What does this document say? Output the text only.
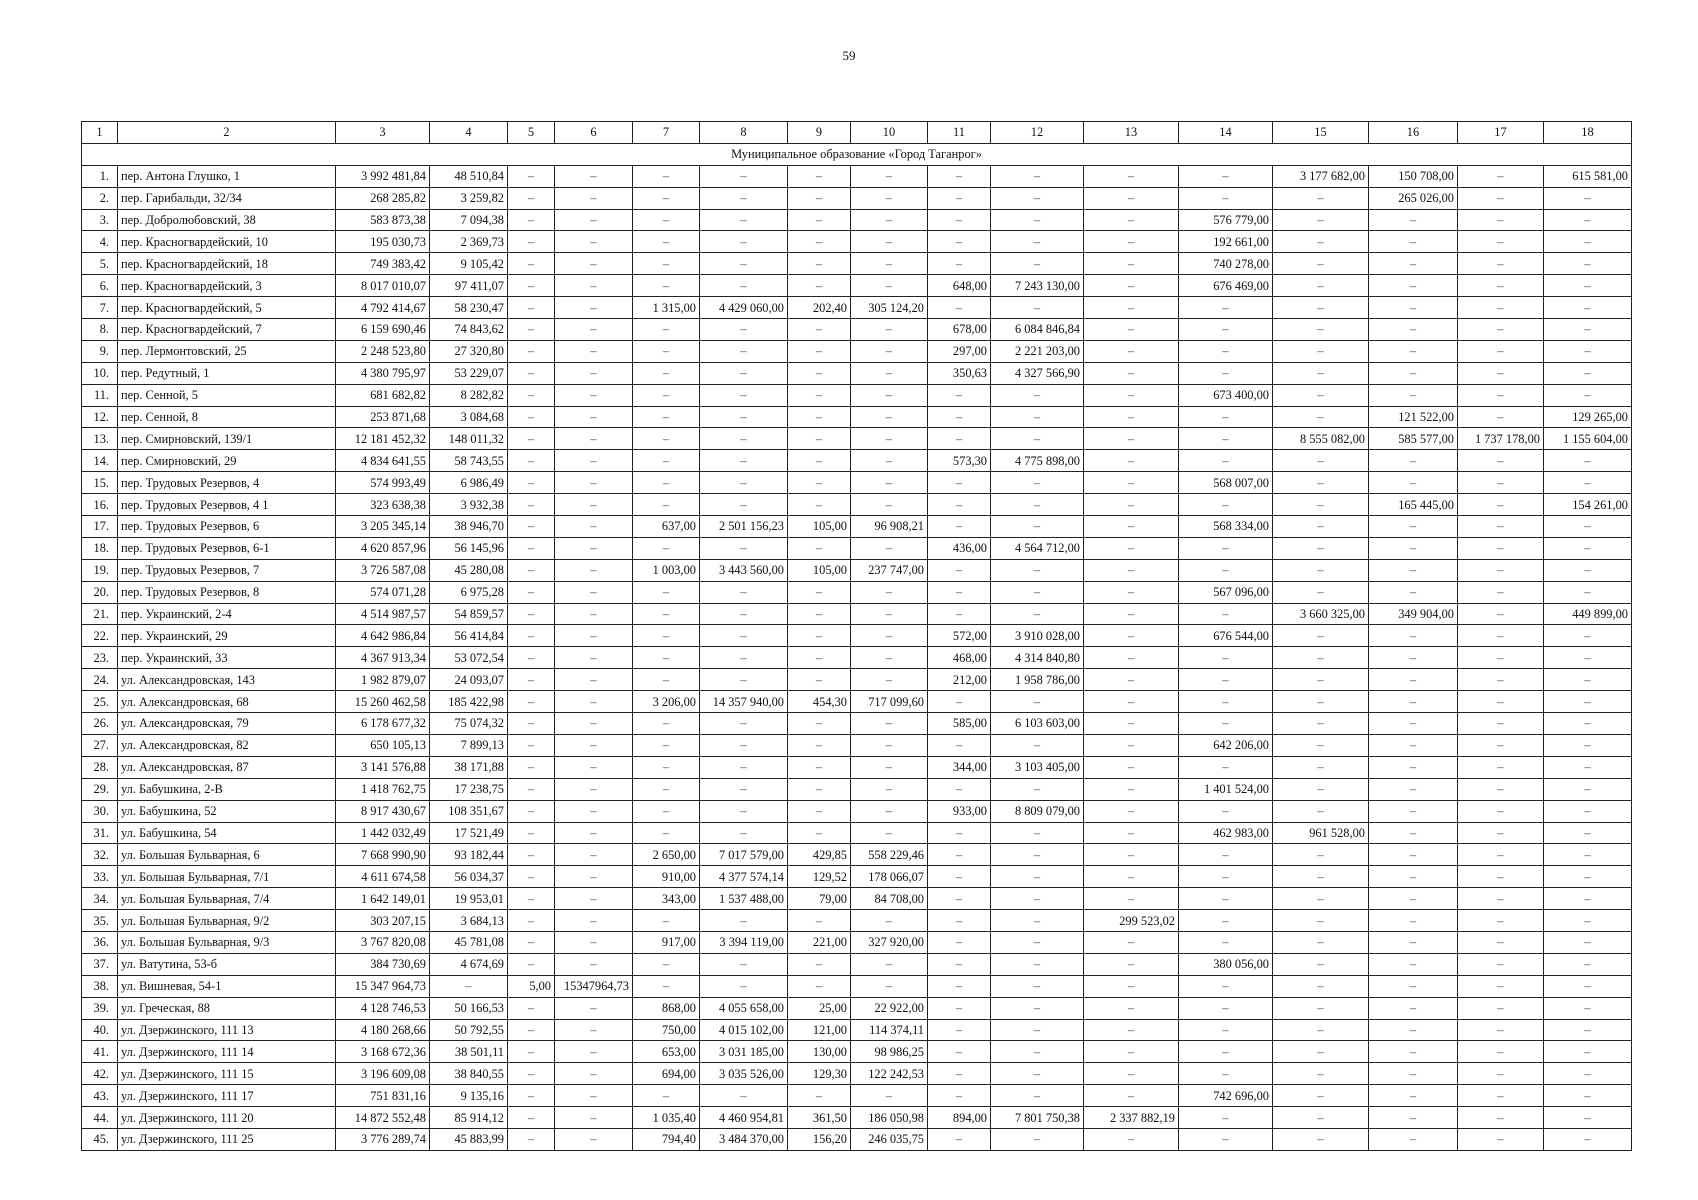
59
1	2	3	4	5	6	7	8	9	10	11	12	13	14	15	16	17	18
Муниципальное образование «Город Таганрог»																	
1.	пер. Антона Глушко, 1	3 992 481,84	48 510,84	–	–	–	–	–	–	–	–	–	–	3 177 682,00	150 708,00	–	615 581,00
2.	пер. Гарибальди, 32/34	268 285,82	3 259,82	–	–	–	–	–	–	–	–	–	–	–	265 026,00	–	–
3.	пер. Добролюбовский, 38	583 873,38	7 094,38	–	–	–	–	–	–	–	–	–	576 779,00	–	–	–	–
4.	пер. Красногвардейский, 10	195 030,73	2 369,73	–	–	–	–	–	–	–	–	–	192 661,00	–	–	–	–
5.	пер. Красногвардейский, 18	749 383,42	9 105,42	–	–	–	–	–	–	–	–	–	740 278,00	–	–	–	–
6.	пер. Красногвардейский, 3	8 017 010,07	97 411,07	–	–	–	–	–	–	648,00	7 243 130,00	–	676 469,00	–	–	–	–
7.	пер. Красногвардейский, 5	4 792 414,67	58 230,47	–	–	1 315,00	4 429 060,00	202,40	305 124,20	–	–	–	–	–	–	–	–
8.	пер. Красногвардейский, 7	6 159 690,46	74 843,62	–	–	–	–	–	–	678,00	6 084 846,84	–	–	–	–	–	–
9.	пер. Лермонтовский, 25	2 248 523,80	27 320,80	–	–	–	–	–	–	297,00	2 221 203,00	–	–	–	–	–	–
10.	пер. Редутный, 1	4 380 795,97	53 229,07	–	–	–	–	–	–	350,63	4 327 566,90	–	–	–	–	–	–
11.	пер. Сенной, 5	681 682,82	8 282,82	–	–	–	–	–	–	–	–	–	673 400,00	–	–	–	–
12.	пер. Сенной, 8	253 871,68	3 084,68	–	–	–	–	–	–	–	–	–	–	–	121 522,00	–	129 265,00
13.	пер. Смирновский, 139/1	12 181 452,32	148 011,32	–	–	–	–	–	–	–	–	–	–	8 555 082,00	585 577,00	1 737 178,00	1 155 604,00
14.	пер. Смирновский, 29	4 834 641,55	58 743,55	–	–	–	–	–	–	573,30	4 775 898,00	–	–	–	–	–	–
15.	пер. Трудовых Резервов, 4	574 993,49	6 986,49	–	–	–	–	–	–	–	–	–	568 007,00	–	–	–	–
16.	пер. Трудовых Резервов, 4 1	323 638,38	3 932,38	–	–	–	–	–	–	–	–	–	–	–	165 445,00	–	154 261,00
17.	пер. Трудовых Резервов, 6	3 205 345,14	38 946,70	–	–	637,00	2 501 156,23	105,00	96 908,21	–	–	–	568 334,00	–	–	–	–
18.	пер. Трудовых Резервов, 6-1	4 620 857,96	56 145,96	–	–	–	–	–	–	436,00	4 564 712,00	–	–	–	–	–	–
19.	пер. Трудовых Резервов, 7	3 726 587,08	45 280,08	–	–	1 003,00	3 443 560,00	105,00	237 747,00	–	–	–	–	–	–	–	–
20.	пер. Трудовых Резервов, 8	574 071,28	6 975,28	–	–	–	–	–	–	–	–	–	567 096,00	–	–	–	–
21.	пер. Украинский, 2-4	4 514 987,57	54 859,57	–	–	–	–	–	–	–	–	–	–	3 660 325,00	349 904,00	–	449 899,00
22.	пер. Украинский, 29	4 642 986,84	56 414,84	–	–	–	–	–	–	572,00	3 910 028,00	–	676 544,00	–	–	–	–
23.	пер. Украинский, 33	4 367 913,34	53 072,54	–	–	–	–	–	–	468,00	4 314 840,80	–	–	–	–	–	–
24.	ул. Александровская, 143	1 982 879,07	24 093,07	–	–	–	–	–	–	212,00	1 958 786,00	–	–	–	–	–	–
25.	ул. Александровская, 68	15 260 462,58	185 422,98	–	–	3 206,00	14 357 940,00	454,30	717 099,60	–	–	–	–	–	–	–	–
26.	ул. Александровская, 79	6 178 677,32	75 074,32	–	–	–	–	–	–	585,00	6 103 603,00	–	–	–	–	–	–
27.	ул. Александровская, 82	650 105,13	7 899,13	–	–	–	–	–	–	–	–	–	642 206,00	–	–	–	–
28.	ул. Александровская, 87	3 141 576,88	38 171,88	–	–	–	–	–	–	344,00	3 103 405,00	–	–	–	–	–	–
29.	ул. Бабушкина, 2-В	1 418 762,75	17 238,75	–	–	–	–	–	–	–	–	–	1 401 524,00	–	–	–	–
30.	ул. Бабушкина, 52	8 917 430,67	108 351,67	–	–	–	–	–	–	933,00	8 809 079,00	–	–	–	–	–	–
31.	ул. Бабушкина, 54	1 442 032,49	17 521,49	–	–	–	–	–	–	–	–	–	462 983,00	961 528,00	–	–	–
32.	ул. Большая Бульварная, 6	7 668 990,90	93 182,44	–	–	2 650,00	7 017 579,00	429,85	558 229,46	–	–	–	–	–	–	–	–
33.	ул. Большая Бульварная, 7/1	4 611 674,58	56 034,37	–	–	910,00	4 377 574,14	129,52	178 066,07	–	–	–	–	–	–	–	–
34.	ул. Большая Бульварная, 7/4	1 642 149,01	19 953,01	–	–	343,00	1 537 488,00	79,00	84 708,00	–	–	–	–	–	–	–	–
35.	ул. Большая Бульварная, 9/2	303 207,15	3 684,13	–	–	–	–	–	–	–	–	299 523,02	–	–	–	–	–
36.	ул. Большая Бульварная, 9/3	3 767 820,08	45 781,08	–	–	917,00	3 394 119,00	221,00	327 920,00	–	–	–	–	–	–	–	–
37.	ул. Ватутина, 53-б	384 730,69	4 674,69	–	–	–	–	–	–	–	–	–	380 056,00	–	–	–	–
38.	ул. Вишневая, 54-1	15 347 964,73	–	5,00	15347964,73	–	–	–	–	–	–	–	–	–	–	–	–
39.	ул. Греческая, 88	4 128 746,53	50 166,53	–	–	868,00	4 055 658,00	25,00	22 922,00	–	–	–	–	–	–	–	–
40.	ул. Дзержинского, 111 13	4 180 268,66	50 792,55	–	–	750,00	4 015 102,00	121,00	114 374,11	–	–	–	–	–	–	–	–
41.	ул. Дзержинского, 111 14	3 168 672,36	38 501,11	–	–	653,00	3 031 185,00	130,00	98 986,25	–	–	–	–	–	–	–	–
42.	ул. Дзержинского, 111 15	3 196 609,08	38 840,55	–	–	694,00	3 035 526,00	129,30	122 242,53	–	–	–	–	–	–	–	–
43.	ул. Дзержинского, 111 17	751 831,16	9 135,16	–	–	–	–	–	–	–	–	–	742 696,00	–	–	–	–
44.	ул. Дзержинского, 111 20	14 872 552,48	85 914,12	–	–	1 035,40	4 460 954,81	361,50	186 050,98	894,00	7 801 750,38	2 337 882,19	–	–	–	–	–
45.	ул. Дзержинского, 111 25	3 776 289,74	45 883,99	–	–	794,40	3 484 370,00	156,20	246 035,75	–	–	–	–	–	–	–	–
